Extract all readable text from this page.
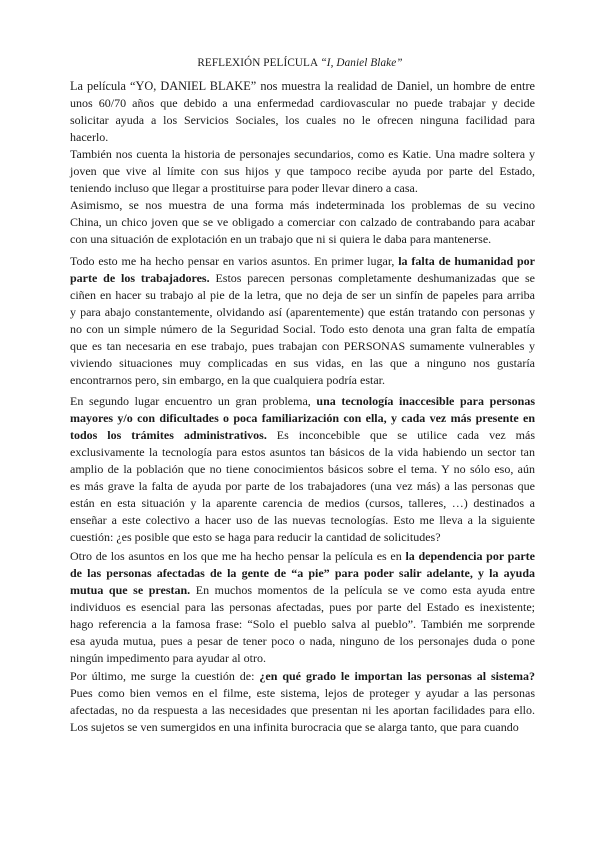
REFLEXIÓN PELÍCULA “I, Daniel Blake”
La película “YO, DANIEL BLAKE” nos muestra la realidad de Daniel, un hombre de entre
unos 60/70 años que debido a una enfermedad cardiovascular no puede trabajar y decide
solicitar ayuda a los Servicios Sociales, los cuales no le ofrecen ninguna facilidad para
hacerlo.
También nos cuenta la historia de personajes secundarios, como es Katie. Una madre soltera y
joven que vive al límite con sus hijos y que tampoco recibe ayuda por parte del Estado,
teniendo incluso que llegar a prostituirse para poder llevar dinero a casa.
Asimismo, se nos muestra de una forma más indeterminada los problemas de su vecino
China, un chico joven que se ve obligado a comerciar con calzado de contrabando para acabar
con una situación de explotación en un trabajo que ni si quiera le daba para mantenerse.
Todo esto me ha hecho pensar en varios asuntos. En primer lugar, la falta de humanidad por
parte de los trabajadores. Estos parecen personas completamente deshumanizadas que se
ciñen en hacer su trabajo al pie de la letra, que no deja de ser un sinfín de papeles para arriba
y para abajo constantemente, olvidando así (aparentemente) que están tratando con personas y
no con un simple número de la Seguridad Social. Todo esto denota una gran falta de empatía
que es tan necesaria en ese trabajo, pues trabajan con PERSONAS sumamente vulnerables y
viviendo situaciones muy complicadas en sus vidas, en las que a ninguno nos gustaría
encontrarnos pero, sin embargo, en la que cualquiera podría estar.
En segundo lugar encuentro un gran problema, una tecnología inaccesible para personas
mayores y/o con dificultades o poca familiarización con ella, y cada vez más presente en
todos los trámites administrativos. Es inconcebible que se utilice cada vez más
exclusivamente la tecnología para estos asuntos tan básicos de la vida habiendo un sector tan
amplio de la población que no tiene conocimientos básicos sobre el tema. Y no sólo eso, aún
es más grave la falta de ayuda por parte de los trabajadores (una vez más) a las personas que
están en esta situación y la aparente carencia de medios (cursos, talleres, …) destinados a
enseñar a este colectivo a hacer uso de las nuevas tecnologías. Esto me lleva a la siguiente
cuestión: ¿es posible que esto se haga para reducir la cantidad de solicitudes?
Otro de los asuntos en los que me ha hecho pensar la película es en la dependencia por parte
de las personas afectadas de la gente de “a pie” para poder salir adelante, y la ayuda
mutua que se prestan. En muchos momentos de la película se ve como esta ayuda entre
individuos es esencial para las personas afectadas, pues por parte del Estado es inexistente;
hago referencia a la famosa frase: “Solo el pueblo salva al pueblo”. También me sorprende
esa ayuda mutua, pues a pesar de tener poco o nada, ninguno de los personajes duda o pone
ningún impedimento para ayudar al otro.
Por último, me surge la cuestión de: ¿en qué grado le importan las personas al sistema?
Pues como bien vemos en el filme, este sistema, lejos de proteger y ayudar a las personas
afectadas, no da respuesta a las necesidades que presentan ni les aportan facilidades para ello.
Los sujetos se ven sumergidos en una infinita burocracia que se alarga tanto, que para cuando
